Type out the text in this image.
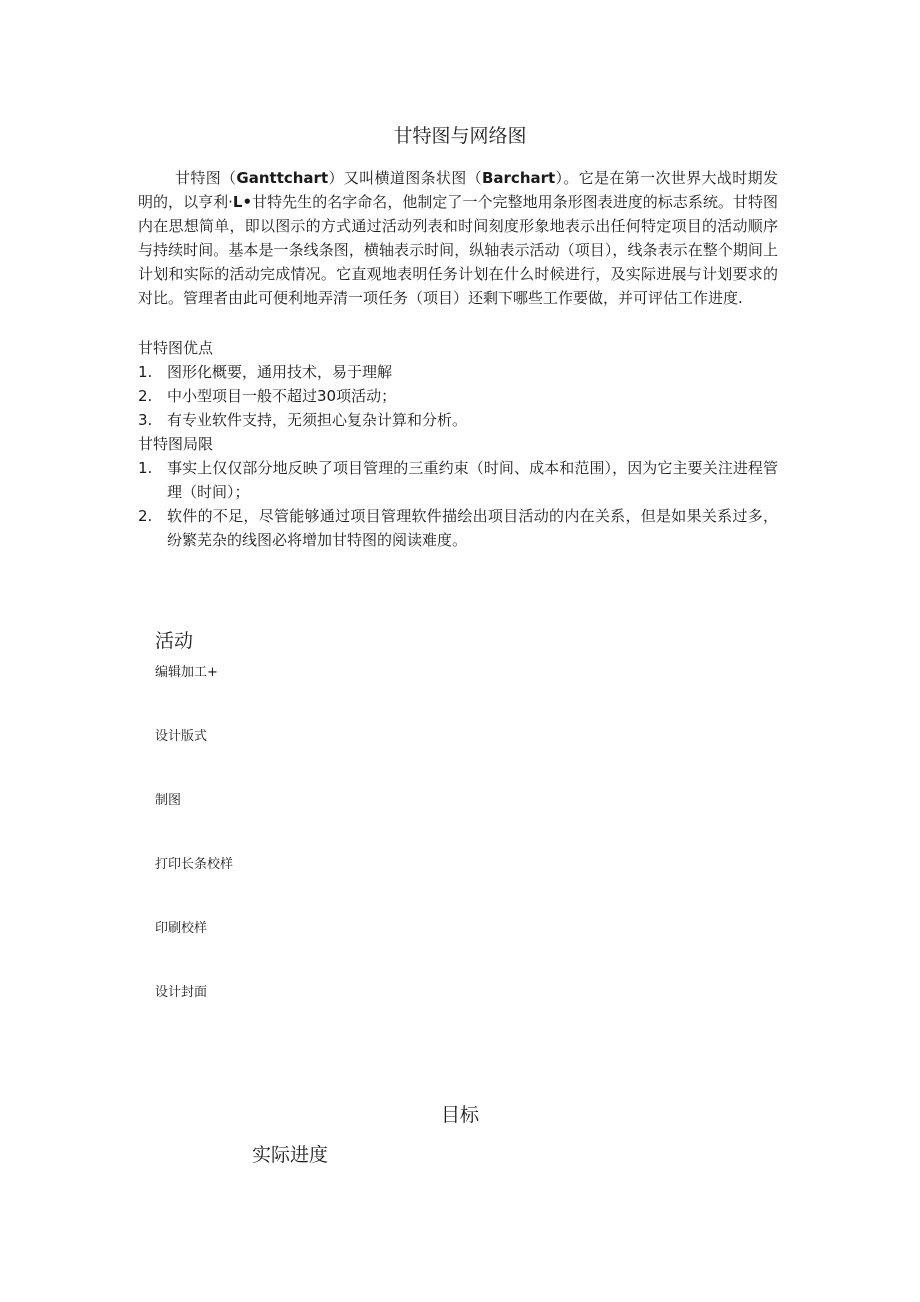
甘特图与网络图

甘特图（Ganttchart）又叫横道图条状图（Barchart）。它是在第一次世界大战时期发明的，以亨利·L•甘特先生的名字命名，他制定了一个完整地用条形图表进度的标志系统。甘特图内在思想简单，即以图示的方式通过活动列表和时间刻度形象地表示出任何特定项目的活动顺序与持续时间。基本是一条线条图，横轴表示时间，纵轴表示活动（项目），线条表示在整个期间上计划和实际的活动完成情况。它直观地表明任务计划在什么时候进行，及实际进展与计划要求的对比。管理者由此可便利地弄清一项任务（项目）还剩下哪些工作要做，并可评估工作进度.

甘特图优点
1. 图形化概要，通用技术，易于理解
2. 中小型项目一般不超过30项活动；
3. 有专业软件支持，无须担心复杂计算和分析。
甘特图局限
1. 事实上仅仅部分地反映了项目管理的三重约束（时间、成本和范围），因为它主要关注进程管理（时间）；
2. 软件的不足，尽管能够通过项目管理软件描绘出项目活动的内在关系，但是如果关系过多，纷繁芜杂的线图必将增加甘特图的阅读难度。
活动
编辑加工+
设计版式
制图
打印长条校样
印刷校样
设计封面
目标
实际进度
